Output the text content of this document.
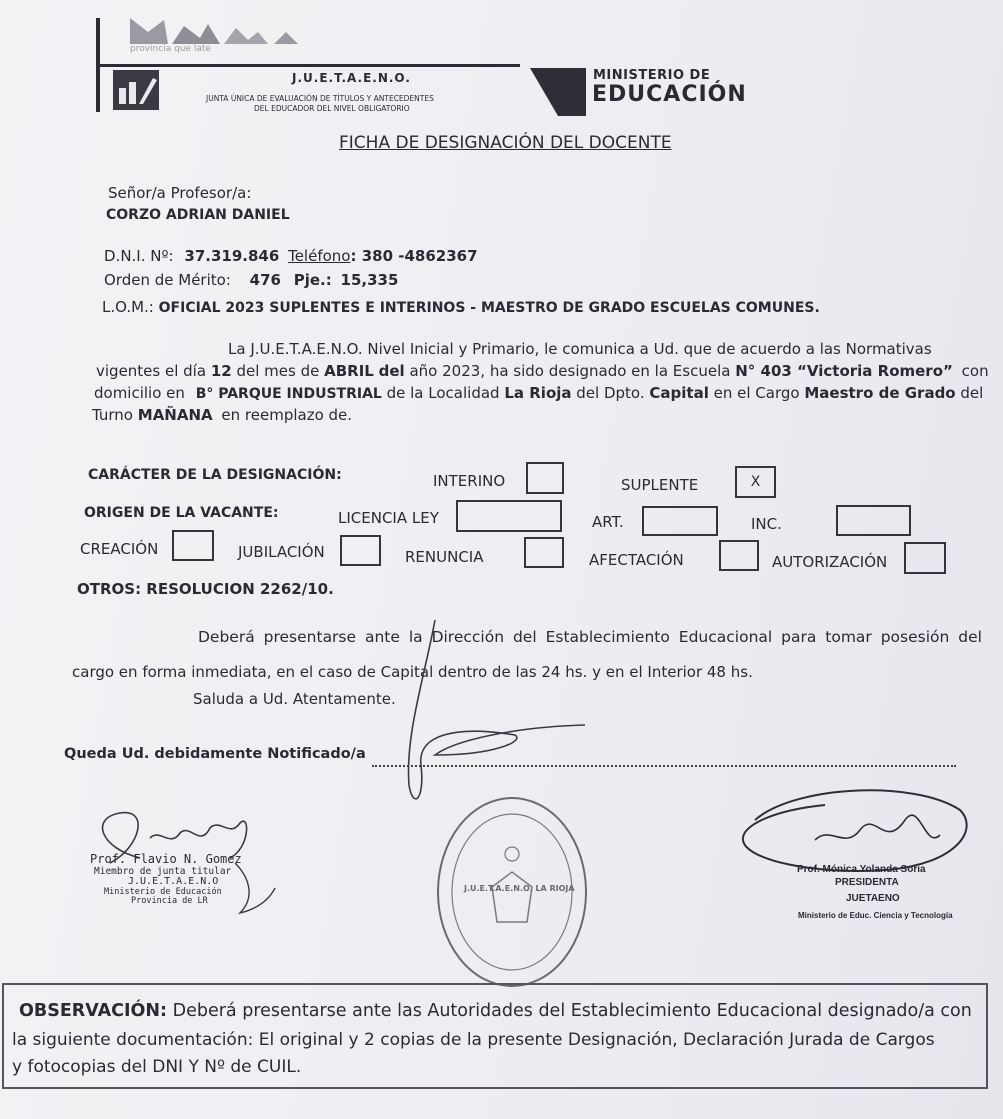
provincia que late
J.U.E.T.A.E.N.O.
JUNTA ÚNICA DE EVALUACIÓN DE TÍTULOS Y ANTECEDENTES
DEL EDUCADOR DEL NIVEL OBLIGATORIO
MINISTERIO DE
EDUCACIÓN
FICHA DE DESIGNACIÓN DEL DOCENTE
Señor/a Profesor/a:
CORZO ADRIAN DANIEL
D.N.I. Nº: 37.319.846 Teléfono: 380 -4862367
Orden de Mérito: 476 Pje.: 15,335
L.O.M.: OFICIAL 2023 SUPLENTES E INTERINOS - MAESTRO DE GRADO ESCUELAS COMUNES.
La J.U.E.T.A.E.N.O. Nivel Inicial y Primario, le comunica a Ud. que de acuerdo a las Normativas
vigentes el día 12 del mes de ABRIL del año 2023, ha sido designado en la Escuela N° 403 “Victoria Romero” con
domicilio en B° PARQUE INDUSTRIAL de la Localidad La Rioja del Dpto. Capital en el Cargo Maestro de Grado del
Turno MAÑANA en reemplazo de.
CARÁCTER DE LA DESIGNACIÓN:	INTERINO	SUPLENTE	X
ORIGEN DE LA VACANTE:	LICENCIA LEY	ART.	INC.
CREACIÓN	JUBILACIÓN	RENUNCIA	AFECTACIÓN	AUTORIZACIÓN
OTROS: RESOLUCION 2262/10.
Deberá presentarse ante la Dirección del Establecimiento Educacional para tomar posesión del
cargo en forma inmediata, en el caso de Capital dentro de las 24 hs. y en el Interior 48 hs.
Saluda a Ud. Atentamente.
Queda Ud. debidamente Notificado/a
Prof. Flavio N. Gomez
Miembro de junta titular
J.U.E.T.A.E.N.O
Ministerio de Educación
Provincia de LR
J.U.E.T.A.E.N.O. LA RIOJA
Prof. Mónica Yolanda Soria
PRESIDENTA
JUETAENO
Ministerio de Educ. Ciencia y Tecnología
OBSERVACIÓN: Deberá presentarse ante las Autoridades del Establecimiento Educacional designado/a con
la siguiente documentación: El original y 2 copias de la presente Designación, Declaración Jurada de Cargos
y fotocopias del DNI Y Nº de CUIL.
